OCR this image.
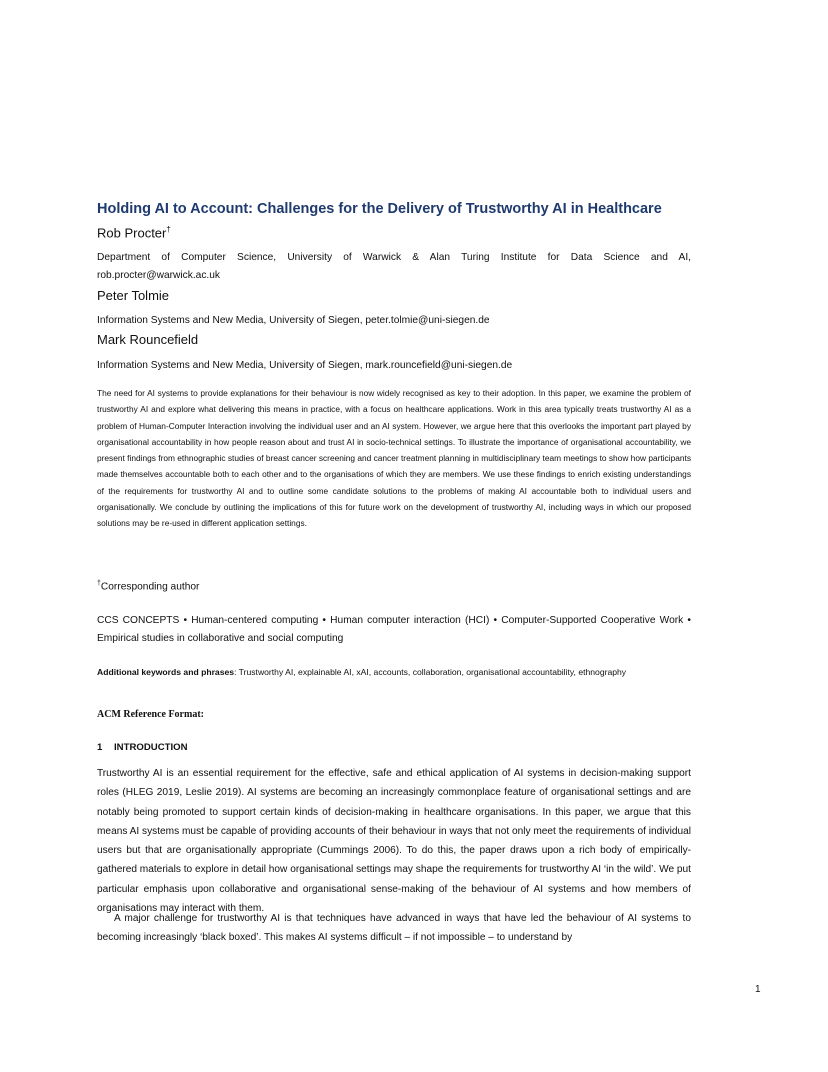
Holding AI to Account: Challenges for the Delivery of Trustworthy AI in Healthcare
Rob Procter†
Department of Computer Science, University of Warwick & Alan Turing Institute for Data Science and AI, rob.procter@warwick.ac.uk
Peter Tolmie
Information Systems and New Media, University of Siegen, peter.tolmie@uni-siegen.de
Mark Rouncefield
Information Systems and New Media, University of Siegen, mark.rouncefield@uni-siegen.de
The need for AI systems to provide explanations for their behaviour is now widely recognised as key to their adoption. In this paper, we examine the problem of trustworthy AI and explore what delivering this means in practice, with a focus on healthcare applications. Work in this area typically treats trustworthy AI as a problem of Human-Computer Interaction involving the individual user and an AI system. However, we argue here that this overlooks the important part played by organisational accountability in how people reason about and trust AI in socio-technical settings. To illustrate the importance of organisational accountability, we present findings from ethnographic studies of breast cancer screening and cancer treatment planning in multidisciplinary team meetings to show how participants made themselves accountable both to each other and to the organisations of which they are members. We use these findings to enrich existing understandings of the requirements for trustworthy AI and to outline some candidate solutions to the problems of making AI accountable both to individual users and organisationally. We conclude by outlining the implications of this for future work on the development of trustworthy AI, including ways in which our proposed solutions may be re-used in different application settings.
†Corresponding author
CCS CONCEPTS • Human-centered computing • Human computer interaction (HCI) • Computer-Supported Cooperative Work • Empirical studies in collaborative and social computing
Additional keywords and phrases: Trustworthy AI, explainable AI, xAI, accounts, collaboration, organisational accountability, ethnography
ACM Reference Format:
1 INTRODUCTION
Trustworthy AI is an essential requirement for the effective, safe and ethical application of AI systems in decision-making support roles (HLEG 2019, Leslie 2019). AI systems are becoming an increasingly commonplace feature of organisational settings and are notably being promoted to support certain kinds of decision-making in healthcare organisations. In this paper, we argue that this means AI systems must be capable of providing accounts of their behaviour in ways that not only meet the requirements of individual users but that are organisationally appropriate (Cummings 2006). To do this, the paper draws upon a rich body of empirically-gathered materials to explore in detail how organisational settings may shape the requirements for trustworthy AI ‘in the wild’. We put particular emphasis upon collaborative and organisational sense-making of the behaviour of AI systems and how members of organisations may interact with them.
A major challenge for trustworthy AI is that techniques have advanced in ways that have led the behaviour of AI systems to becoming increasingly ‘black boxed’. This makes AI systems difficult – if not impossible – to understand by
1
